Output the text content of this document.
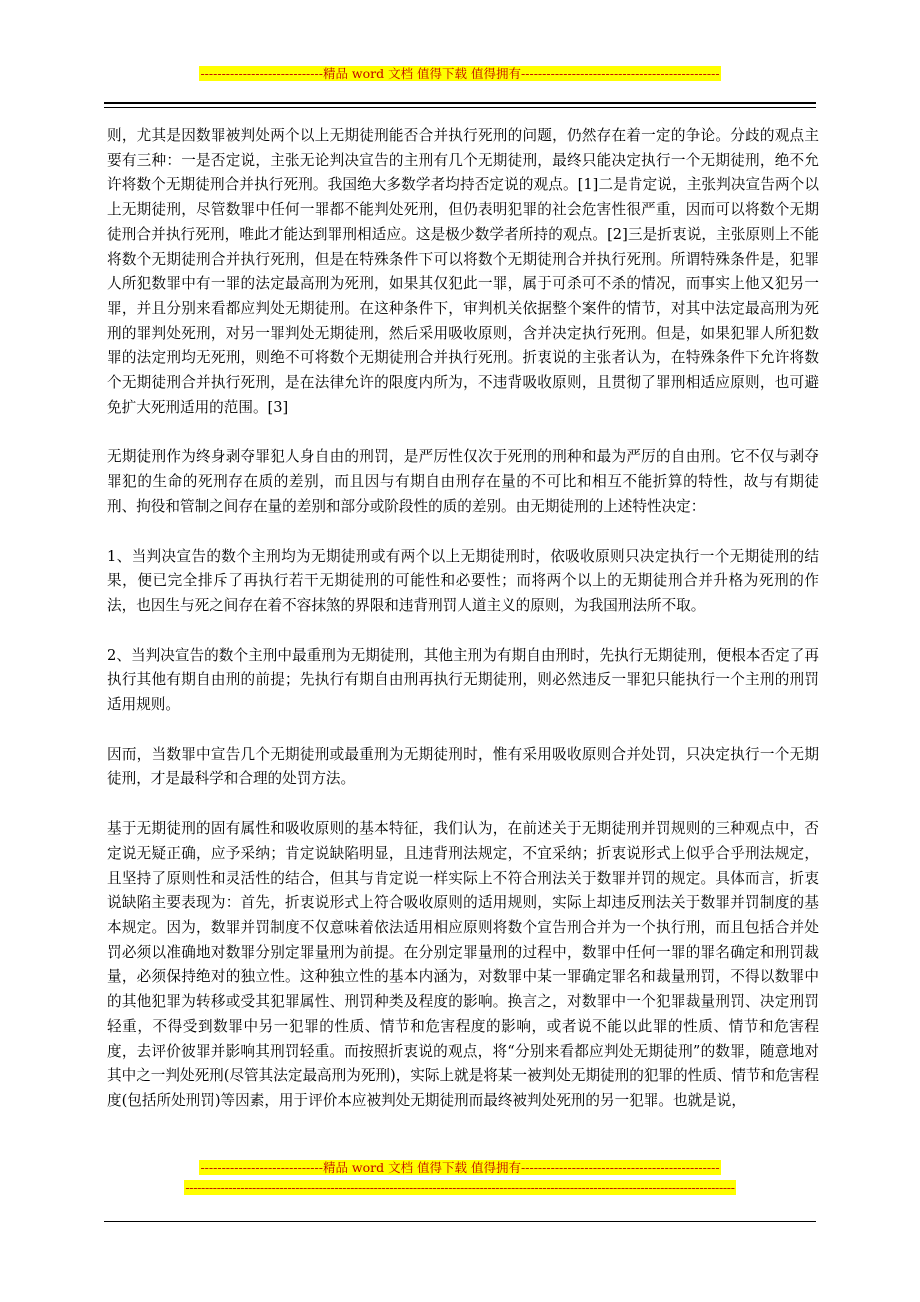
-----------------------------精品 word 文档 值得下载 值得拥有-----------------------------------------------

则，尤其是因数罪被判处两个以上无期徒刑能否合并执行死刑的问题，仍然存在着一定的争论。分歧的观点主要有三种：一是否定说，主张无论判决宣告的主刑有几个无期徒刑，最终只能决定执行一个无期徒刑，绝不允许将数个无期徒刑合并执行死刑。我国绝大多数学者均持否定说的观点。[1]二是肯定说，主张判决宣告两个以上无期徒刑，尽管数罪中任何一罪都不能判处死刑，但仍表明犯罪的社会危害性很严重，因而可以将数个无期徒刑合并执行死刑，唯此才能达到罪刑相适应。这是极少数学者所持的观点。[2]三是折衷说，主张原则上不能将数个无期徒刑合并执行死刑，但是在特殊条件下可以将数个无期徒刑合并执行死刑。所谓特殊条件是，犯罪人所犯数罪中有一罪的法定最高刑为死刑，如果其仅犯此一罪，属于可杀可不杀的情况，而事实上他又犯另一罪，并且分别来看都应判处无期徒刑。在这种条件下，审判机关依据整个案件的情节，对其中法定最高刑为死刑的罪判处死刑，对另一罪判处无期徒刑，然后采用吸收原则，含并决定执行死刑。但是，如果犯罪人所犯数罪的法定刑均无死刑，则绝不可将数个无期徒刑合并执行死刑。折衷说的主张者认为，在特殊条件下允许将数个无期徒刑合并执行死刑，是在法律允许的限度内所为，不违背吸收原则，且贯彻了罪刑相适应原则，也可避免扩大死刑适用的范围。[3]

无期徒刑作为终身剥夺罪犯人身自由的刑罚，是严厉性仅次于死刑的刑种和最为严厉的自由刑。它不仅与剥夺罪犯的生命的死刑存在质的差别，而且因与有期自由刑存在量的不可比和相互不能折算的特性，故与有期徒刑、拘役和管制之间存在量的差别和部分或阶段性的质的差别。由无期徒刑的上述特性决定：

1、当判决宣告的数个主刑均为无期徒刑或有两个以上无期徒刑时，依吸收原则只决定执行一个无期徒刑的结果，便已完全排斥了再执行若干无期徒刑的可能性和必要性；而将两个以上的无期徒刑合并升格为死刑的作法，也因生与死之间存在着不容抹煞的界限和违背刑罚人道主义的原则，为我国刑法所不取。

2、当判决宣告的数个主刑中最重刑为无期徒刑，其他主刑为有期自由刑时，先执行无期徒刑，便根本否定了再执行其他有期自由刑的前提；先执行有期自由刑再执行无期徒刑，则必然违反一罪犯只能执行一个主刑的刑罚适用规则。

因而，当数罪中宣告几个无期徒刑或最重刑为无期徒刑时，惟有采用吸收原则合并处罚，只决定执行一个无期徒刑，才是最科学和合理的处罚方法。

基于无期徒刑的固有属性和吸收原则的基本特征，我们认为，在前述关于无期徒刑并罚规则的三种观点中，否定说无疑正确，应予采纳；肯定说缺陷明显，且违背刑法规定，不宜采纳；折衷说形式上似乎合乎刑法规定，且坚持了原则性和灵活性的结合，但其与肯定说一样实际上不符合刑法关于数罪并罚的规定。具体而言，折衷说缺陷主要表现为：首先，折衷说形式上符合吸收原则的适用规则，实际上却违反刑法关于数罪并罚制度的基本规定。因为，数罪并罚制度不仅意味着依法适用相应原则将数个宣告刑合并为一个执行刑，而且包括合并处罚必须以准确地对数罪分别定罪量刑为前提。在分别定罪量刑的过程中，数罪中任何一罪的罪名确定和刑罚裁量，必须保持绝对的独立性。这种独立性的基本内涵为，对数罪中某一罪确定罪名和裁量刑罚，不得以数罪中的其他犯罪为转移或受其犯罪属性、刑罚种类及程度的影响。换言之，对数罪中一个犯罪裁量刑罚、决定刑罚轻重，不得受到数罪中另一犯罪的性质、情节和危害程度的影响，或者说不能以此罪的性质、情节和危害程度，去评价彼罪并影响其刑罚轻重。而按照折衷说的观点，将“分别来看都应判处无期徒刑”的数罪，随意地对其中之一判处死刑(尽管其法定最高刑为死刑)，实际上就是将某一被判处无期徒刑的犯罪的性质、情节和危害程度(包括所处刑罚)等因素，用于评价本应被判处无期徒刑而最终被判处死刑的另一犯罪。也就是说，

-----------------------------精品 word 文档 值得下载 值得拥有-----------------------------------------------
--------------------------------------------------------------------------------------------------------------------------------------------
